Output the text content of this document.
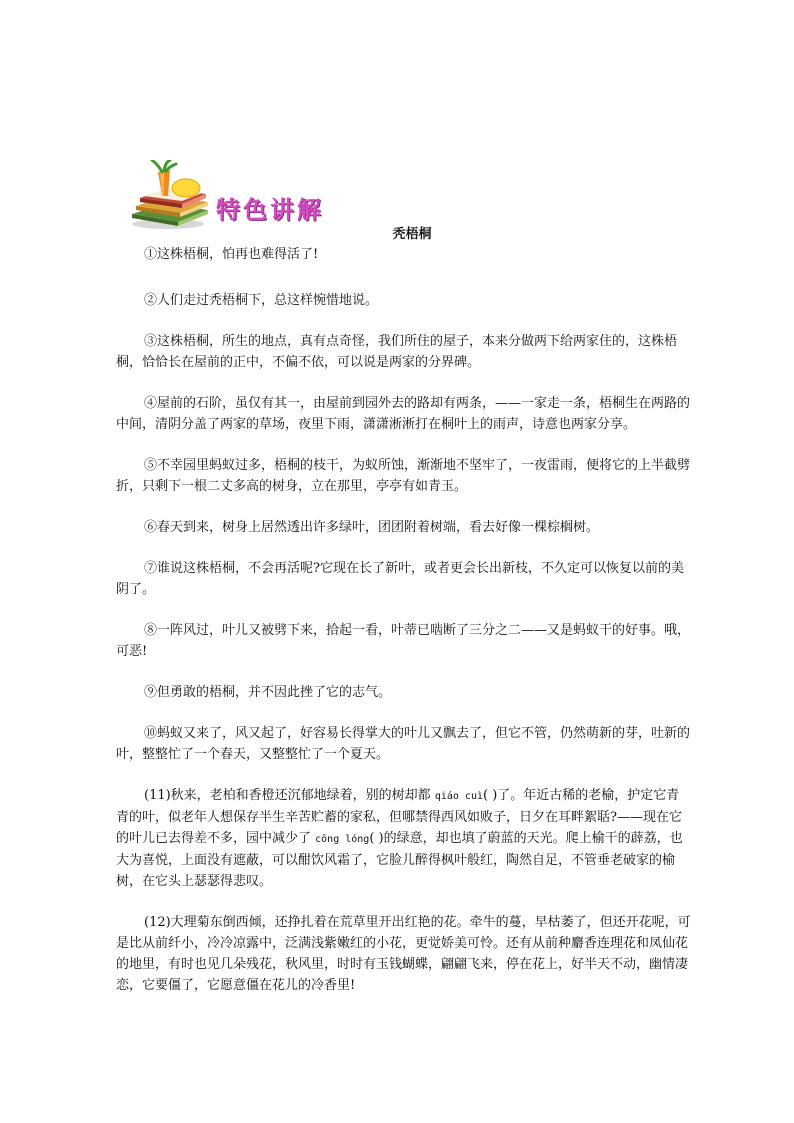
特色讲解
秃梧桐

①这株梧桐，怕再也难得活了!

②人们走过秃梧桐下，总这样惋惜地说。

③这株梧桐，所生的地点，真有点奇怪，我们所住的屋子，本来分做两下给两家住的，这株梧桐，恰恰长在屋前的正中，不偏不依，可以说是两家的分界碑。

④屋前的石阶，虽仅有其一，由屋前到园外去的路却有两条，——一家走一条，梧桐生在两路的中间，清阴分盖了两家的草场，夜里下雨，潇潇淅淅打在桐叶上的雨声，诗意也两家分享。

⑤不幸园里蚂蚁过多，梧桐的枝干，为蚁所蚀，渐渐地不坚牢了，一夜雷雨，便将它的上半截劈折，只剩下一根二丈多高的树身，立在那里，亭亭有如青玉。

⑥春天到来，树身上居然透出许多绿叶，团团附着树端，看去好像一棵棕榈树。

⑦谁说这株梧桐，不会再活呢?它现在长了新叶，或者更会长出新枝，不久定可以恢复以前的美阴了。

⑧一阵风过，叶儿又被劈下来，拾起一看，叶蒂已啮断了三分之二——又是蚂蚁干的好事。哦，可恶!

⑨但勇敢的梧桐，并不因此挫了它的志气。

⑩蚂蚁又来了，风又起了，好容易长得掌大的叶儿又飘去了，但它不管，仍然萌新的芽，吐新的叶，整整忙了一个春天，又整整忙了一个夏天。

(11)秋来，老柏和香橙还沉郁地绿着，别的树却都 qiáo cuì( )了。年近古稀的老榆，护定它青青的叶，似老年人想保存半生辛苦贮蓄的家私，但哪禁得西风如败子，日夕在耳畔絮聒?——现在它的叶儿已去得差不多，园中减少了 cōng lóng( )的绿意，却也填了蔚蓝的天光。爬上榆干的薜荔，也大为喜悦，上面没有遮蔽，可以酣饮风霜了，它脸儿醉得枫叶般红，陶然自足，不管垂老破家的榆树，在它头上瑟瑟得悲叹。

(12)大理菊东倒西倾，还挣扎着在荒草里开出红艳的花。牵牛的蔓，早枯萎了，但还开花呢，可是比从前纤小，冷冷凉露中，泛满浅紫嫩红的小花，更觉娇美可怜。还有从前种麝香连理花和凤仙花的地里，有时也见几朵残花，秋风里，时时有玉钱蝴蝶，翩翩飞来，停在花上，好半天不动，幽情凄恋，它要僵了，它愿意僵在花儿的冷香里!
